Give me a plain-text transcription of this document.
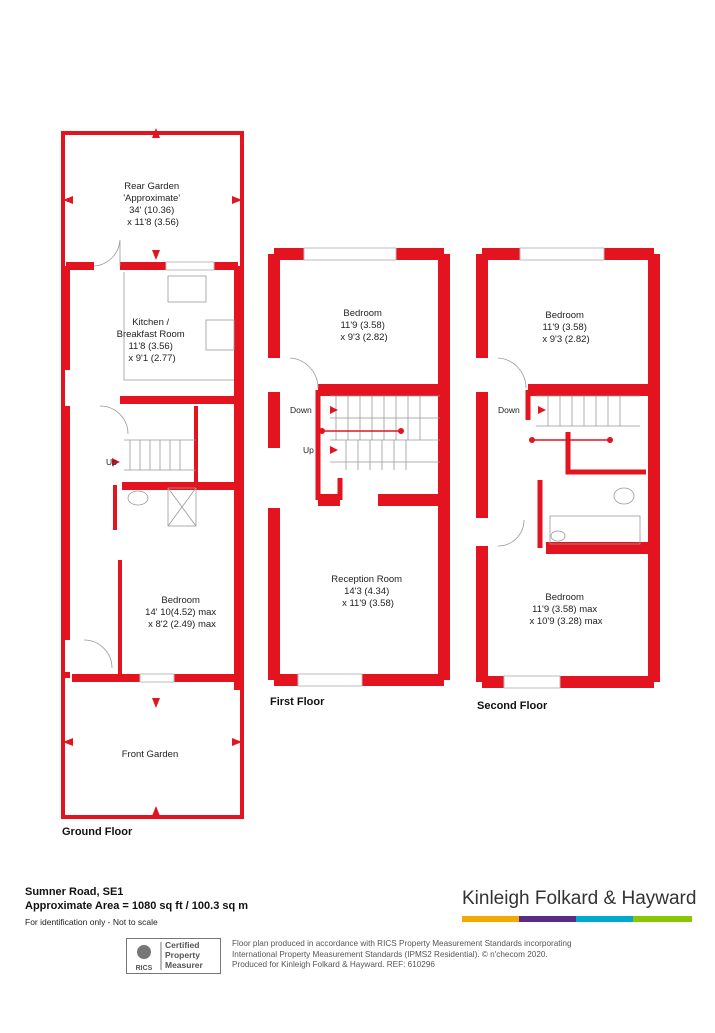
Rear Garden 'Approximate' 34' (10.36) x 11'8 (3.56)
Kitchen / Breakfast Room 11'8 (3.56) x 9'1 (2.77)
Bedroom 14' 10(4.52) max x 8'2 (2.49) max
Front Garden
Bedroom 11'9 (3.58) x 9'3 (2.82)
Reception Room 14'3 (4.34) x 11'9 (3.58)
Bedroom 11'9 (3.58) x 9'3 (2.82)
Bedroom 11'9 (3.58) max x 10'9 (3.28) max
Up
Down
Up
Down
Ground Floor
First Floor	Second Floor
Sumner Road, SE1
Approximate Area = 1080 sq ft / 100.3 sq m
For identification only - Not to scale
Kinleigh Folkard & Hayward
RICS
Certified
Property
Measurer
Floor plan produced in accordance with RICS Property Measurement Standards incorporating
International Property Measurement Standards (IPMS2 Residential). © n'checom 2020.
Produced for Kinleigh Folkard & Hayward. REF: 610296
